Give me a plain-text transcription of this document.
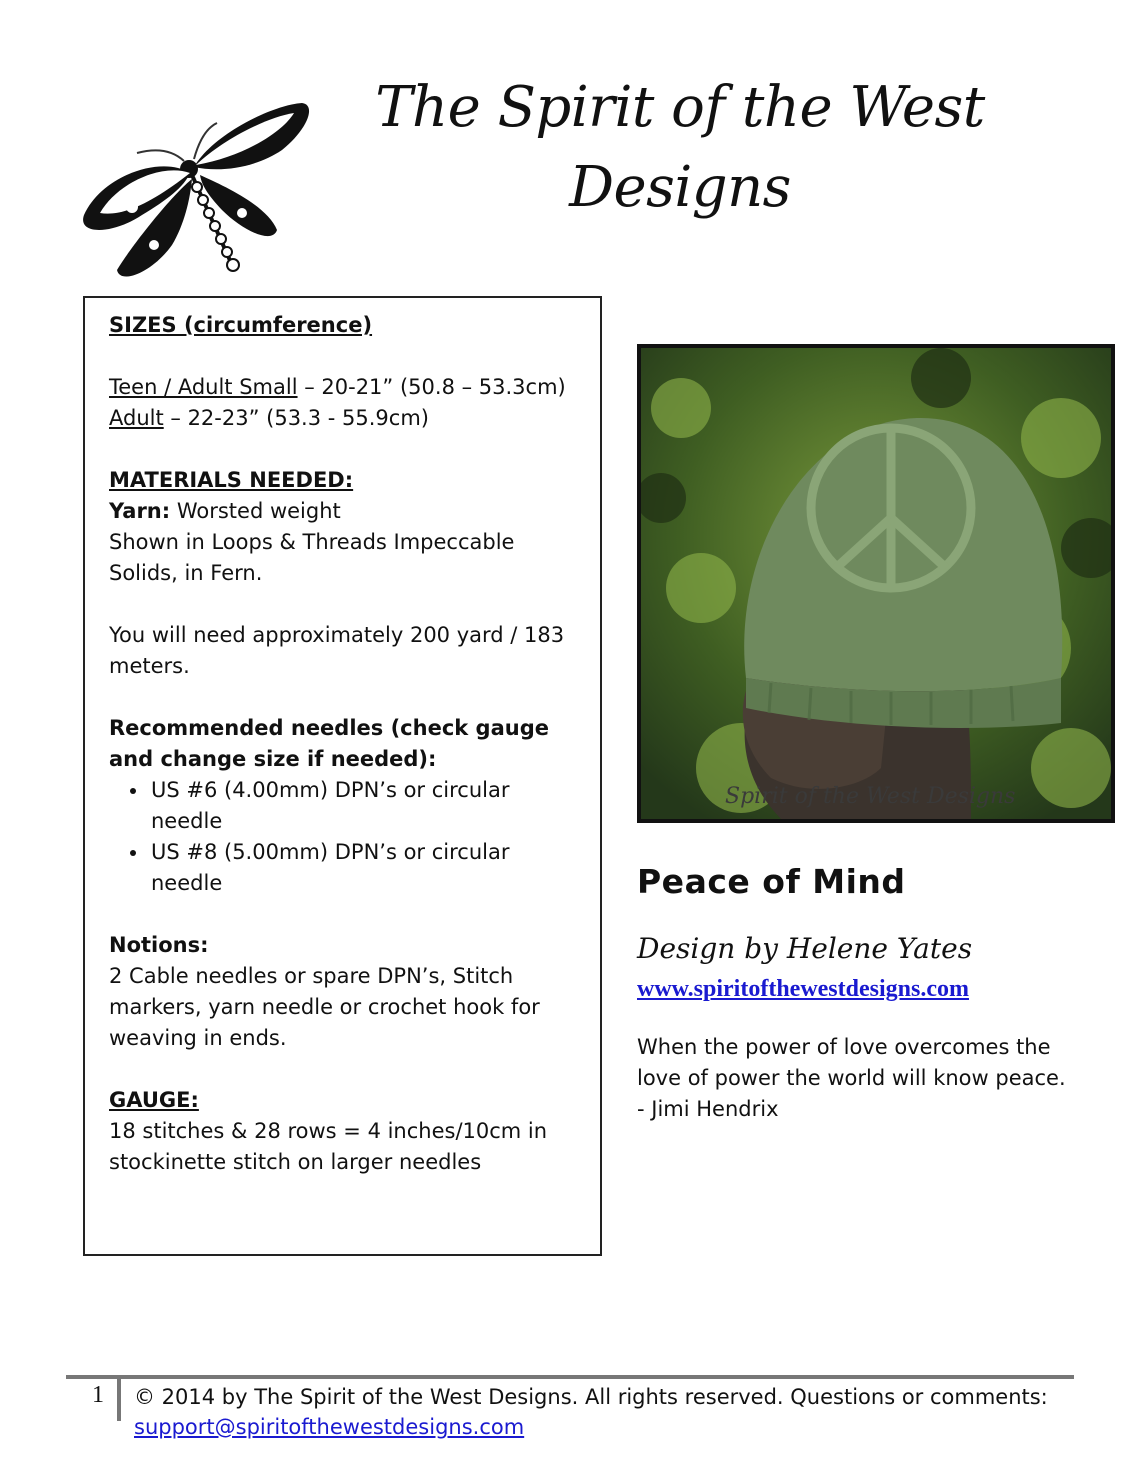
The Spirit of the West
Designs

SIZES (circumference)

Teen / Adult Small – 20-21” (50.8 – 53.3cm)

Adult – 22-23” (53.3 - 55.9cm)

MATERIALS NEEDED:

Yarn: Worsted weight

Shown in Loops & Threads Impeccable Solids, in Fern.

You will need approximately 200 yard / 183 meters.

Recommended needles (check gauge and change size if needed):

• US #6 (4.00mm) DPN’s or circular needle
• US #8 (5.00mm) DPN’s or circular needle

Notions:

2 Cable needles or spare DPN’s, Stitch markers, yarn needle or crochet hook for weaving in ends.

GAUGE:

18 stitches & 28 rows = 4 inches/10cm in stockinette stitch on larger needles

Spirit of the West Designs
Peace of Mind
Design by Helene Yates
www.spiritofthewestdesigns.com
When the power of love overcomes the
love of power the world will know peace.
- Jimi Hendrix
1 © 2014 by The Spirit of the West Designs. All rights reserved. Questions or comments:
support@spiritofthewestdesigns.com
